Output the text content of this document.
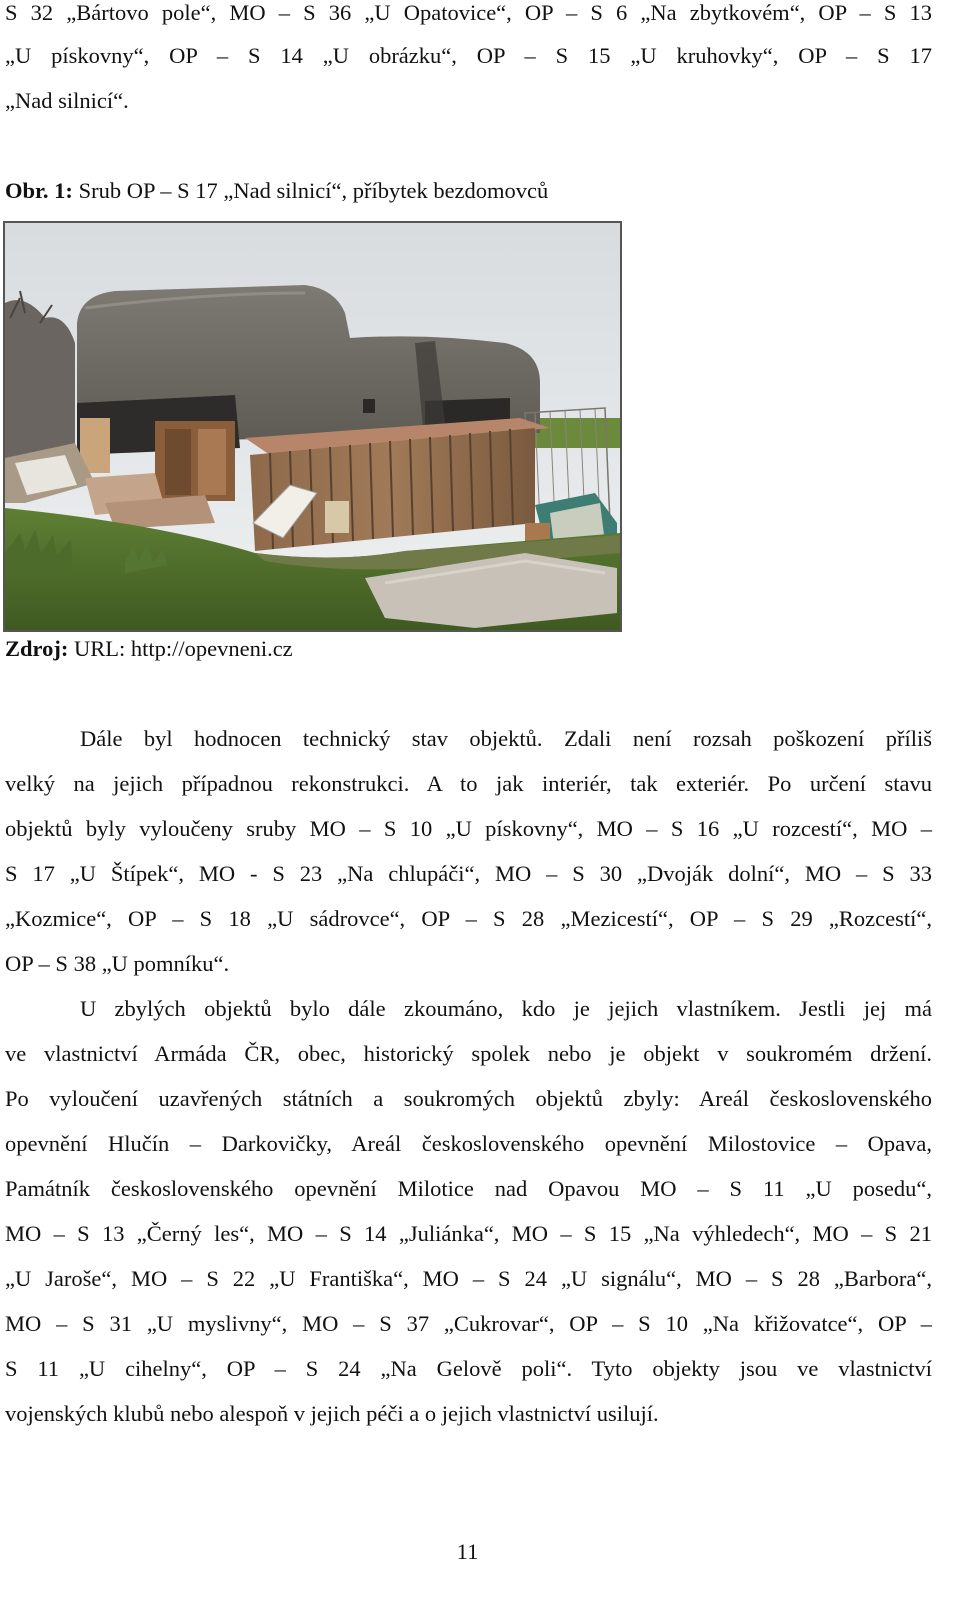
S 32 „Bártovo pole“, MO – S 36 „U Opatovice“, OP – S 6 „Na zbytkovém“, OP – S 13
„U pískovny“, OP – S 14 „U obrázku“, OP – S 15 „U kruhovky“, OP – S 17
„Nad silnicí“.
Obr. 1: Srub OP – S 17 „Nad silnicí“, příbytek bezdomovců
Zdroj: URL: http://opevneni.cz
Dále byl hodnocen technický stav objektů. Zdali není rozsah poškození příliš
velký na jejich případnou rekonstrukci. A to jak interiér, tak exteriér. Po určení stavu
objektů byly vyloučeny sruby MO – S 10 „U pískovny“, MO – S 16 „U rozcestí“, MO –
S 17 „U Štípek“, MO - S 23 „Na chlupáči“, MO – S 30 „Dvoják dolní“, MO – S 33
„Kozmice“, OP – S 18 „U sádrovce“, OP – S 28 „Mezicestí“, OP – S 29 „Rozcestí“,
OP – S 38 „U pomníku“.
U zbylých objektů bylo dále zkoumáno, kdo je jejich vlastníkem. Jestli jej má
ve vlastnictví Armáda ČR, obec, historický spolek nebo je objekt v soukromém držení.
Po vyloučení uzavřených státních a soukromých objektů zbyly: Areál československého
opevnění Hlučín – Darkovičky, Areál československého opevnění Milostovice – Opava,
Památník československého opevnění Milotice nad Opavou MO – S 11 „U posedu“,
MO – S 13 „Černý les“, MO – S 14 „Juliánka“, MO – S 15 „Na výhledech“, MO – S 21
„U Jaroše“, MO – S 22 „U Františka“, MO – S 24 „U signálu“, MO – S 28 „Barbora“,
MO – S 31 „U myslivny“, MO – S 37 „Cukrovar“, OP – S 10 „Na křižovatce“, OP –
S 11 „U cihelny“, OP – S 24 „Na Gelově poli“. Tyto objekty jsou ve vlastnictví
vojenských klubů nebo alespoň v jejich péči a o jejich vlastnictví usilují.
11
